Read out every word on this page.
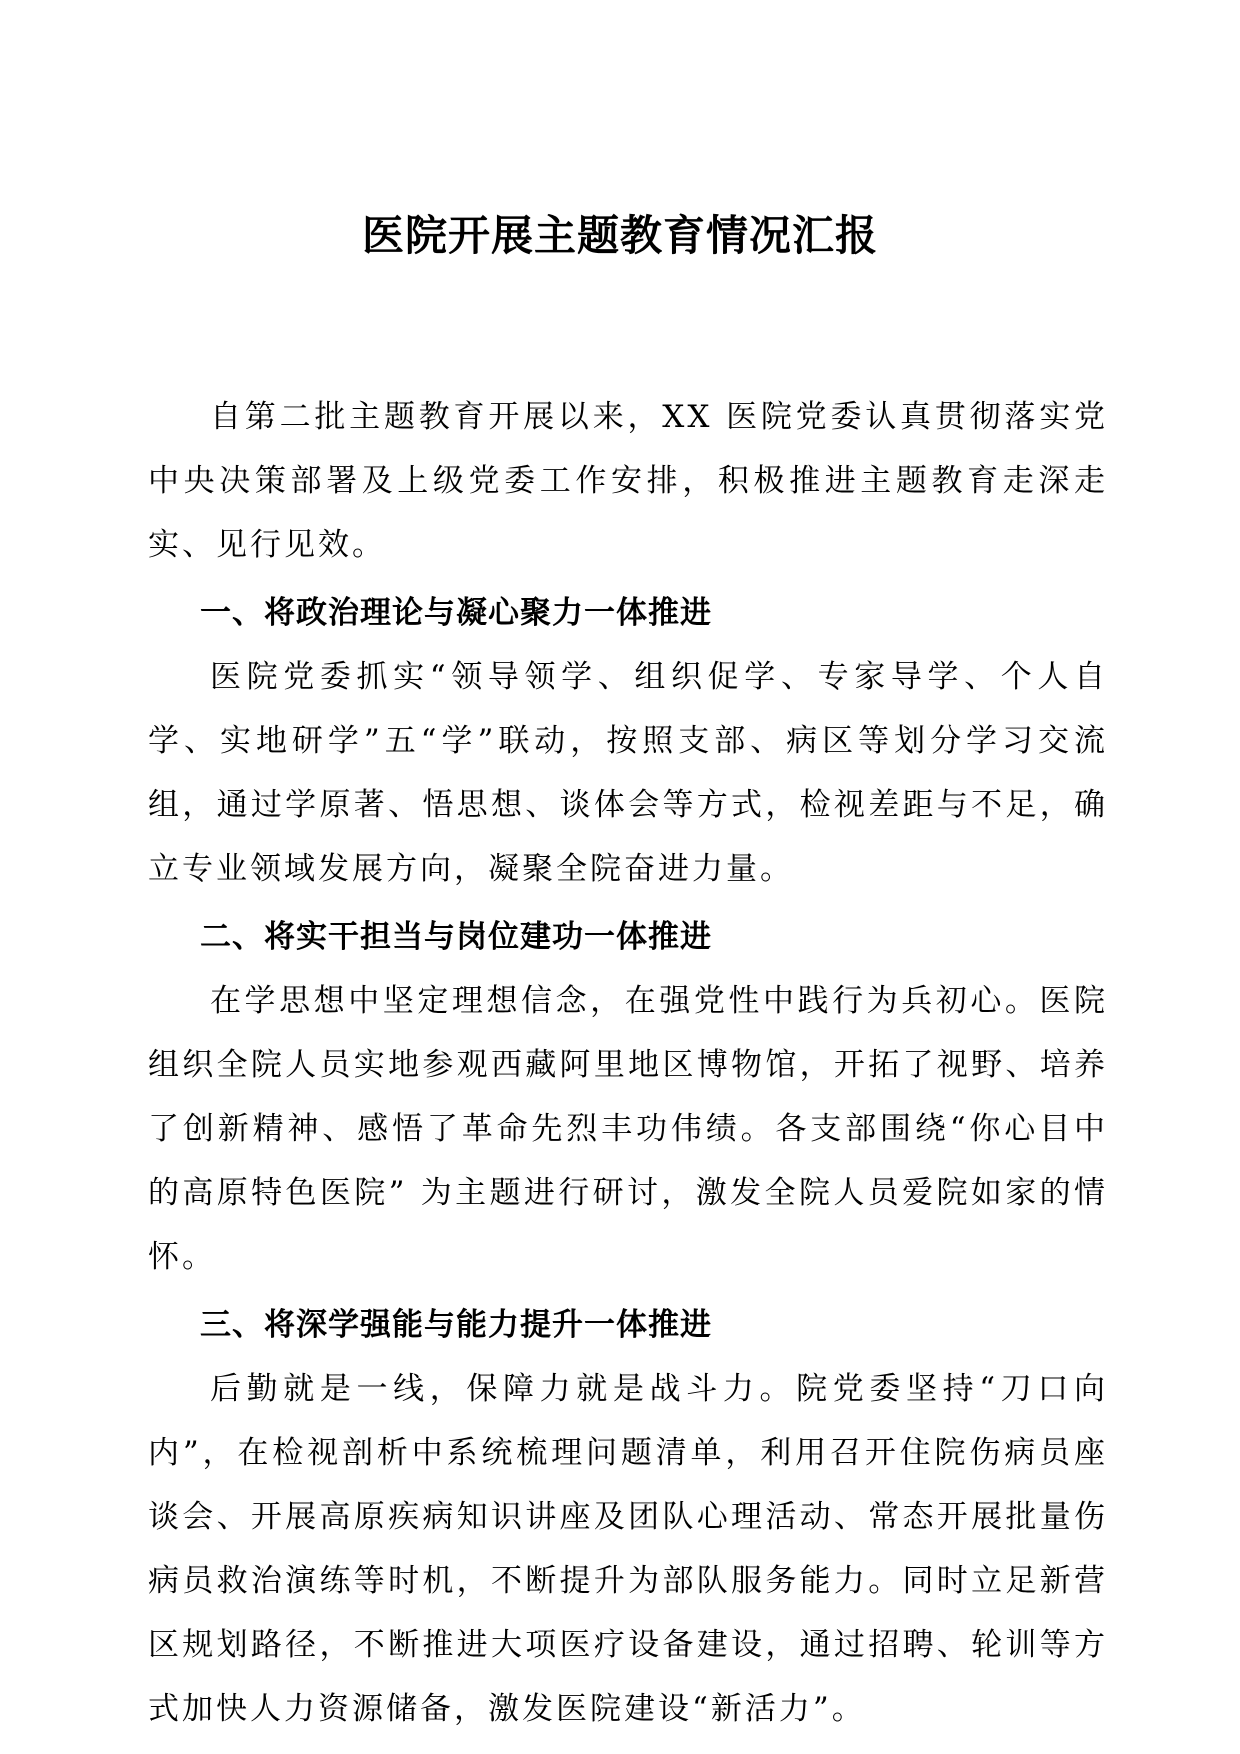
医院开展主题教育情况汇报

自第二批主题教育开展以来，XX 医院党委认真贯彻落实党中央决策部署及上级党委工作安排，积极推进主题教育走深走实、见行见效。

一、将政治理论与凝心聚力一体推进

医院党委抓实“领导领学、组织促学、专家导学、个人自学、实地研学”五“学”联动，按照支部、病区等划分学习交流组，通过学原著、悟思想、谈体会等方式，检视差距与不足，确立专业领域发展方向，凝聚全院奋进力量。

二、将实干担当与岗位建功一体推进

在学思想中坚定理想信念，在强党性中践行为兵初心。医院组织全院人员实地参观西藏阿里地区博物馆，开拓了视野、培养了创新精神、感悟了革命先烈丰功伟绩。各支部围绕“你心目中的高原特色医院” 为主题进行研讨，激发全院人员爱院如家的情怀。

三、将深学强能与能力提升一体推进

后勤就是一线，保障力就是战斗力。院党委坚持“刀口向内”，在检视剖析中系统梳理问题清单，利用召开住院伤病员座谈会、开展高原疾病知识讲座及团队心理活动、常态开展批量伤病员救治演练等时机，不断提升为部队服务能力。同时立足新营区规划路径，不断推进大项医疗设备建设，通过招聘、轮训等方式加快人力资源储备，激发医院建设“新活力”。
